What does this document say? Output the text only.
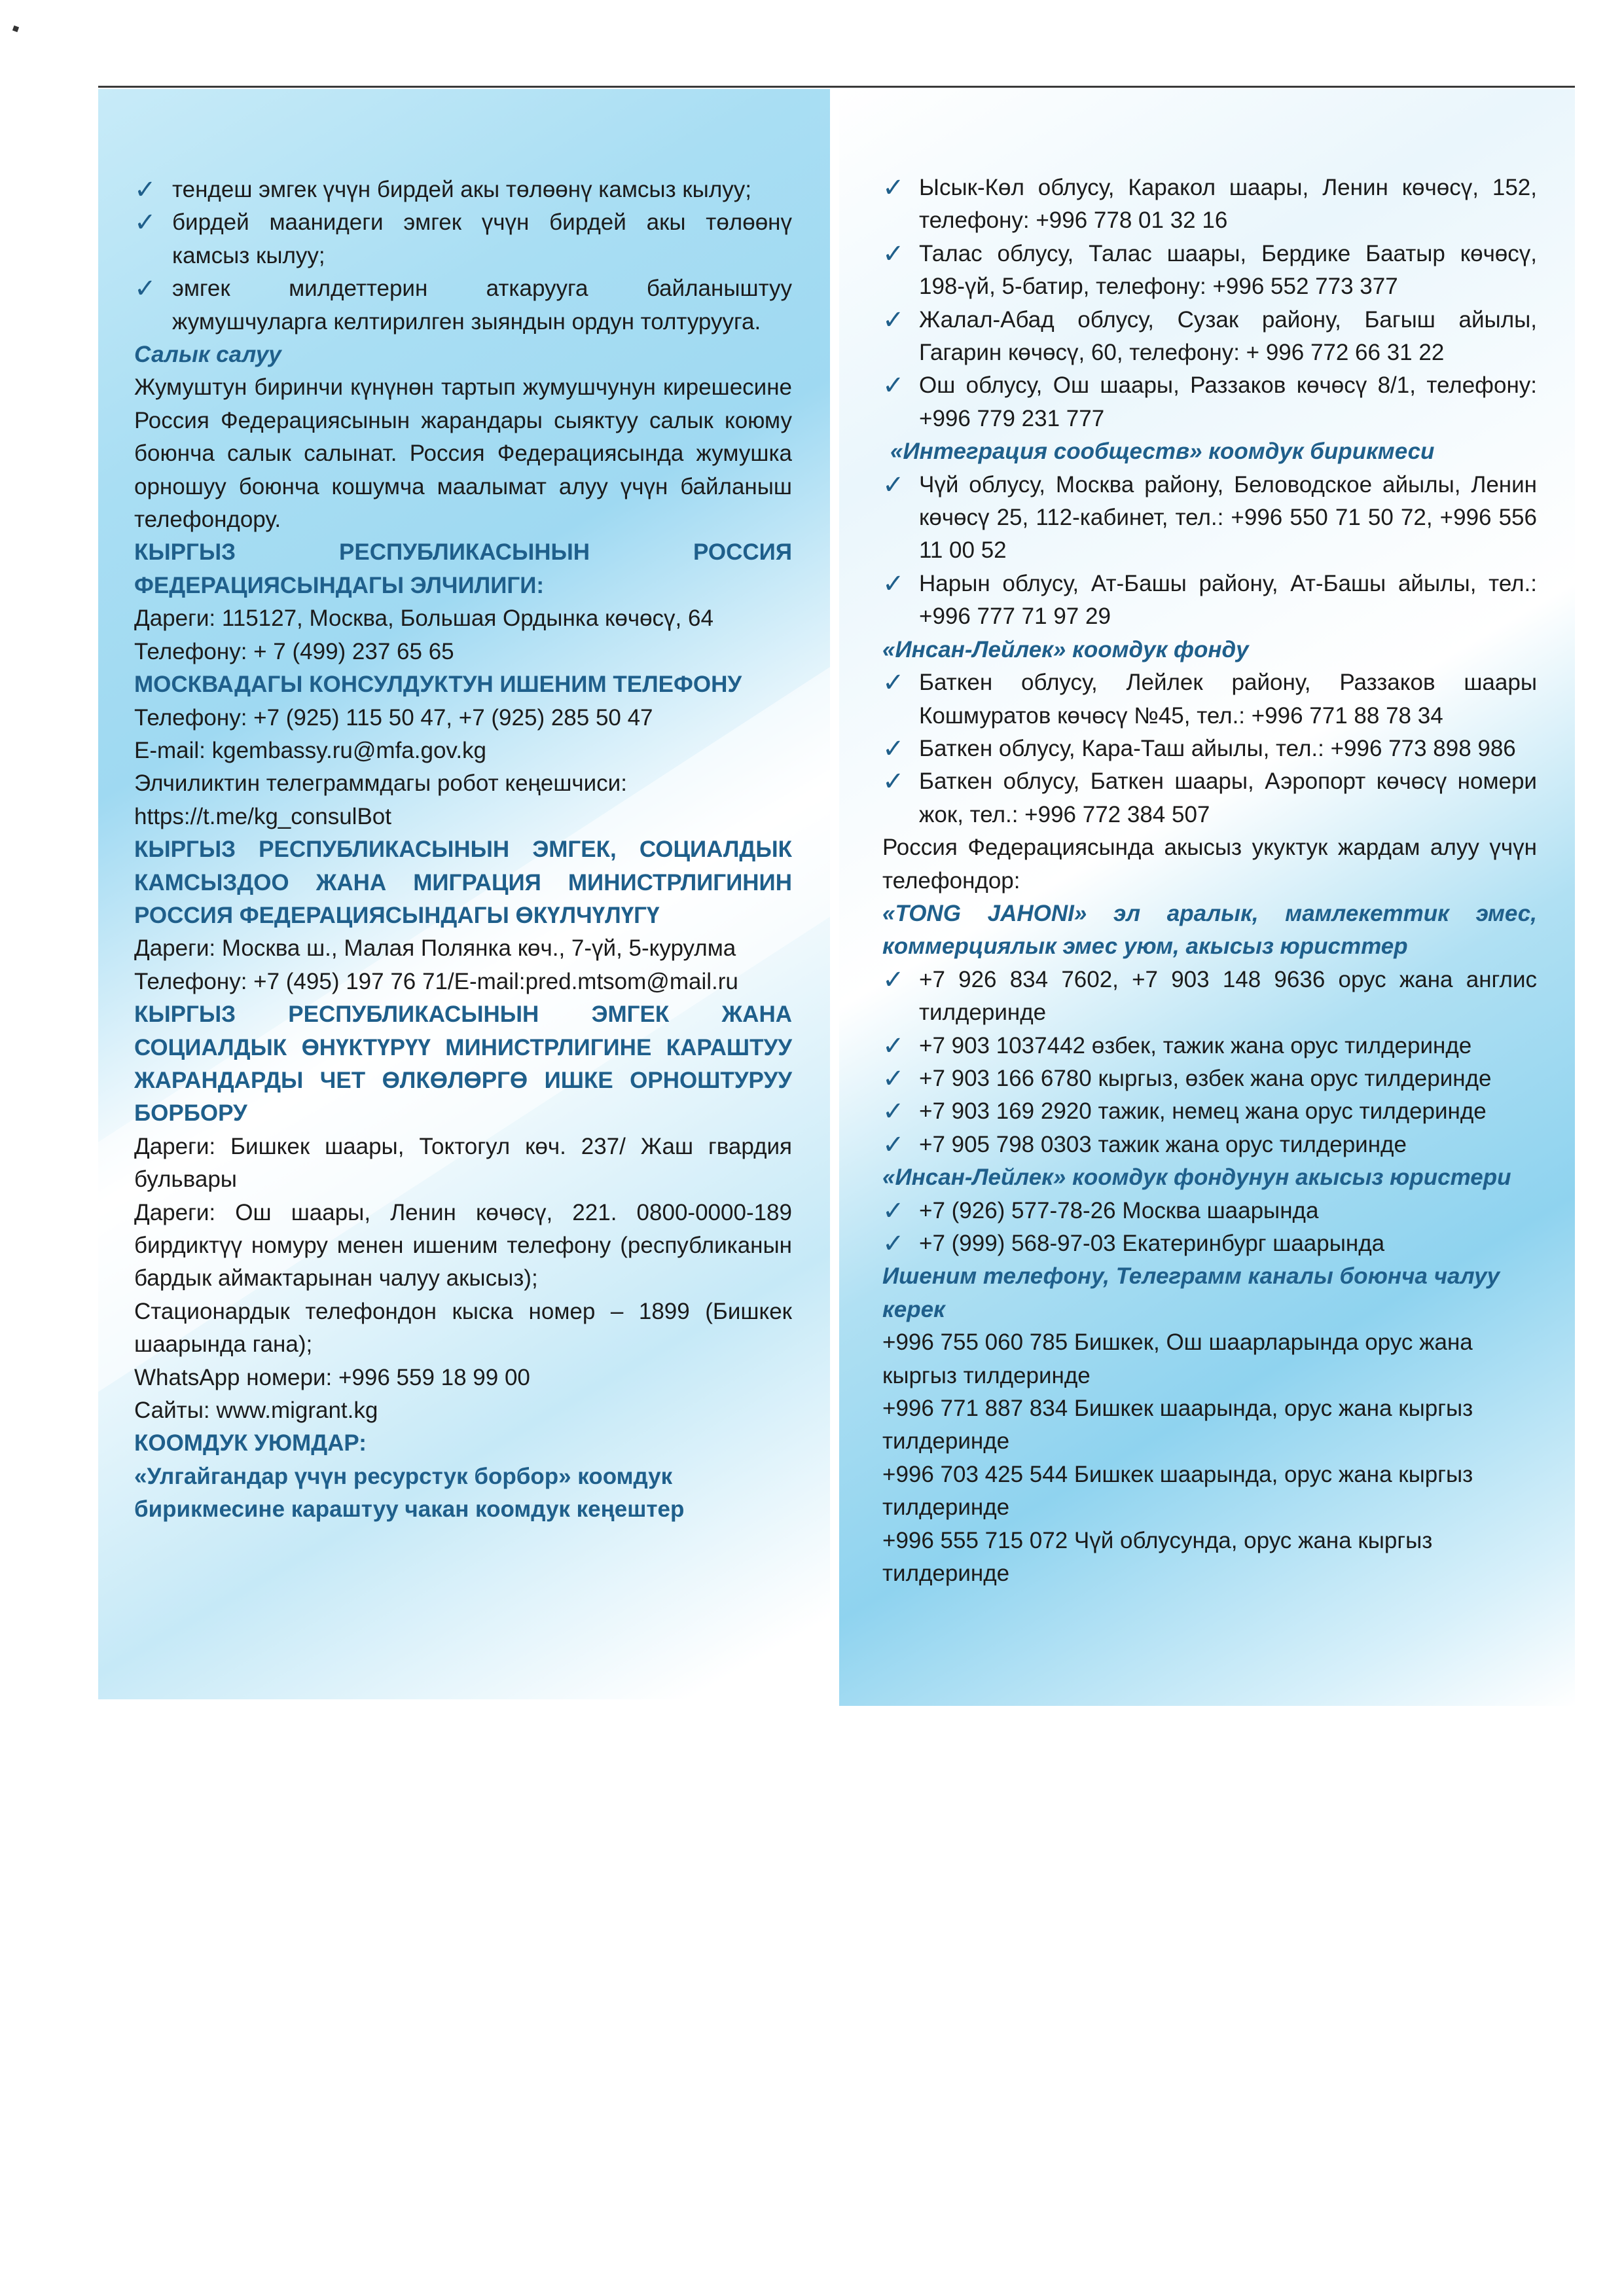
✓ тендеш эмгек үчүн бирдей акы төлөөнү камсыз кылуу;

✓ бирдей маанидеги эмгек үчүн бирдей акы төлөөнү камсыз кылуу;

✓ эмгек милдеттерин аткарууга байланыштуу жумушчуларга келтирилген зыяндын ордун толтурууга.

Салык салуу

Жумуштун биринчи күнүнөн тартып жумушчунун кирешесине Россия Федерациясынын жарандары сыяктуу салык коюму боюнча салык салынат. Россия Федерациясында жумушка орношуу боюнча кошумча маалымат алуу үчүн байланыш телефондору.

КЫРГЫЗ РЕСПУБЛИКАСЫНЫН РОССИЯ ФЕДЕРАЦИЯСЫНДАГЫ ЭЛЧИЛИГИ:

Дареги: 115127, Москва, Большая Ордынка көчөсү, 64

Телефону: + 7 (499) 237 65 65

МОСКВАДАГЫ КОНСУЛДУКТУН ИШЕНИМ ТЕЛЕФОНУ

Телефону: +7 (925) 115 50 47, +7 (925) 285 50 47

E-mail: kgembassy.ru@mfa.gov.kg

Элчиликтин телеграммдагы робот кеңешчиси:

https://t.me/kg_consulBot

КЫРГЫЗ РЕСПУБЛИКАСЫНЫН ЭМГЕК, СОЦИАЛДЫК КАМСЫЗДОО ЖАНА МИГРАЦИЯ МИНИСТРЛИГИНИН РОССИЯ ФЕДЕРАЦИЯСЫНДАГЫ ӨКҮЛЧҮЛҮГҮ

Дареги: Москва ш., Малая Полянка көч., 7-үй, 5-курулма

Телефону: +7 (495) 197 76 71/E-mail:pred.mtsom@mail.ru

КЫРГЫЗ РЕСПУБЛИКАСЫНЫН ЭМГЕК ЖАНА СОЦИАЛДЫК ӨНҮКТҮРҮҮ МИНИСТРЛИГИНЕ КАРАШТУУ ЖАРАНДАРДЫ ЧЕТ ӨЛКӨЛӨРГӨ ИШКЕ ОРНОШТУРУУ БОРБОРУ

Дареги: Бишкек шаары, Токтогул көч. 237/ Жаш гвардия бульвары

Дареги: Ош шаары, Ленин көчөсү, 221. 0800-0000-189 бирдиктүү номуру менен ишеним телефону (республиканын бардык аймактарынан чалуу акысыз);

Стационардык телефондон кыска номер – 1899 (Бишкек шаарында гана);

WhatsApp номери: +996 559 18 99 00

Сайты: www.migrant.kg

КООМДУК УЮМДАР:

«Улгайгандар үчүн ресурстук борбор» коомдук бирикмесине караштуу чакан коомдук кеңештер

✓ Ысык-Көл облусу, Каракол шаары, Ленин көчөсү, 152, телефону: +996 778 01 32 16

✓ Талас облусу, Талас шаары, Бердике Баатыр көчөсү, 198-үй, 5-батир, телефону: +996 552 773 377

✓ Жалал-Абад облусу, Сузак району, Багыш айылы, Гагарин көчөсү, 60, телефону: + 996 772 66 31 22

✓ Ош облусу, Ош шаары, Раззаков көчөсү 8/1, телефону: +996 779 231 777

«Интеграция сообществ» коомдук бирикмеси

✓ Чүй облусу, Москва району, Беловодское айылы, Ленин көчөсү 25, 112-кабинет, тел.: +996 550 71 50 72, +996 556 11 00 52

✓ Нарын облусу, Ат-Башы району, Ат-Башы айылы, тел.: +996 777 71 97 29

«Инсан-Лейлек» коомдук фонду

✓ Баткен облусу, Лейлек району, Раззаков шаары Кошмуратов көчөсү №45, тел.: +996 771 88 78 34

✓ Баткен облусу, Кара-Таш айылы, тел.: +996 773 898 986

✓ Баткен облусу, Баткен шаары, Аэропорт көчөсү номери жок, тел.: +996 772 384 507

Россия Федерациясында акысыз укуктук жардам алуу үчүн телефондор:

«TONG JAHONI» эл аралык, мамлекеттик эмес, коммерциялык эмес уюм, акысыз юристтер

✓ +7 926 834 7602, +7 903 148 9636 орус жана англис тилдеринде

✓ +7 903 1037442 өзбек, тажик жана орус тилдеринде

✓ +7 903 166 6780 кыргыз, өзбек жана орус тилдеринде

✓ +7 903 169 2920 тажик, немец жана орус тилдеринде

✓ +7 905 798 0303 тажик жана орус тилдеринде

«Инсан-Лейлек» коомдук фондунун акысыз юристери

✓ +7 (926) 577-78-26 Москва шаарында

✓ +7 (999) 568-97-03 Екатеринбург шаарында

Ишеним телефону, Телеграмм каналы боюнча чалуу керек

+996 755 060 785 Бишкек, Ош шаарларында орус жана кыргыз тилдеринде

+996 771 887 834 Бишкек шаарында, орус жана кыргыз тилдеринде

+996 703 425 544 Бишкек шаарында, орус жана кыргыз тилдеринде

+996 555 715 072 Чүй облусунда, орус жана кыргыз тилдеринде
